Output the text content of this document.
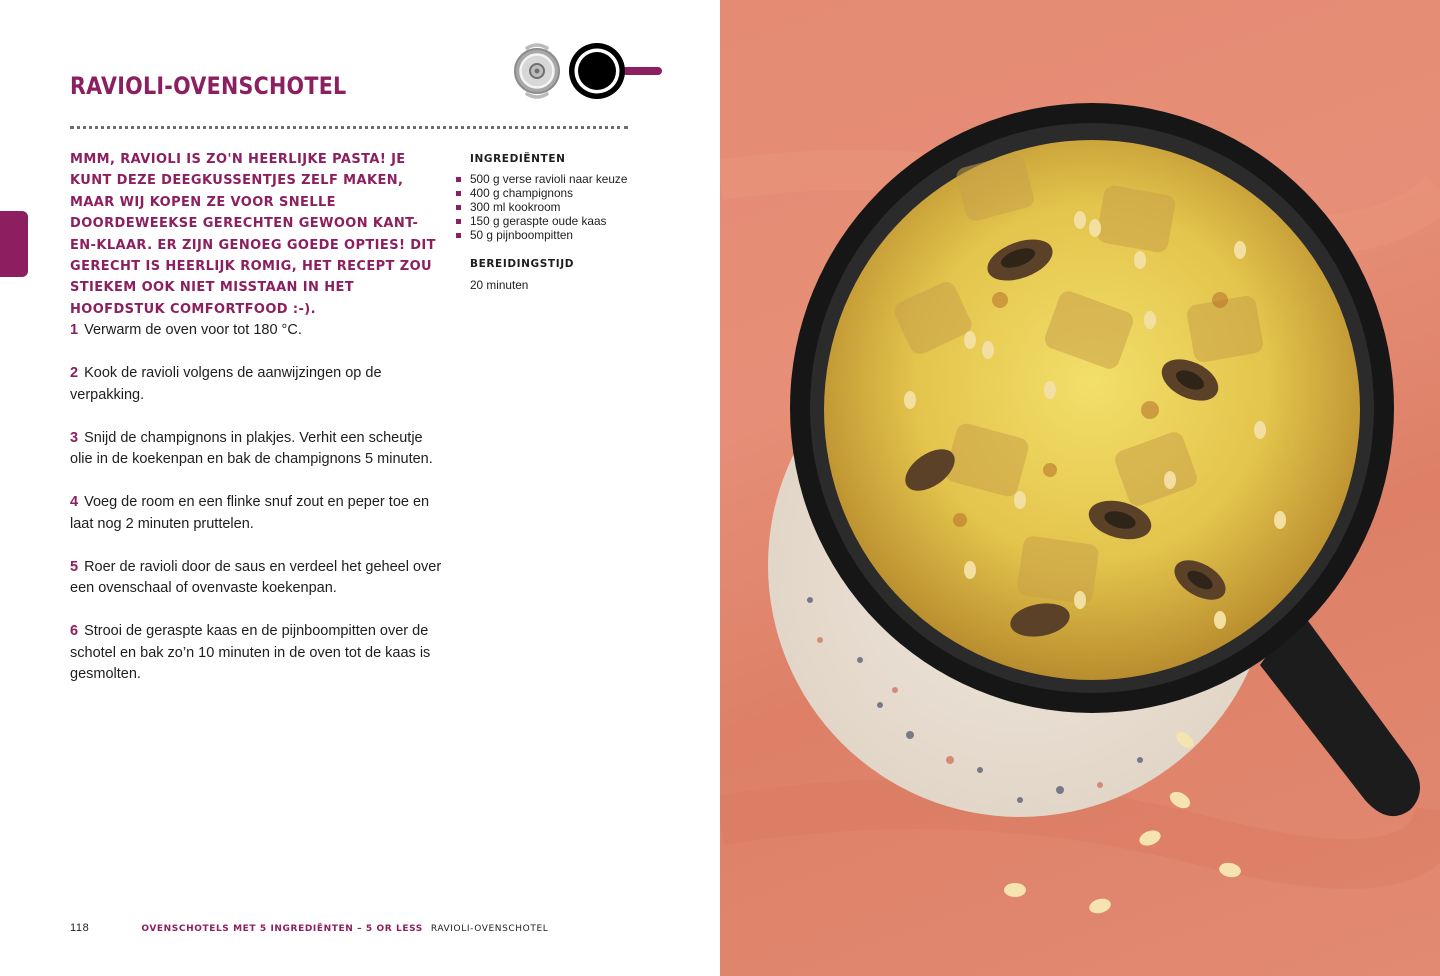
RAVIOLI-OVENSCHOTEL

MMM, RAVIOLI IS ZO'N HEERLIJKE PASTA! JE KUNT DEZE DEEGKUSSENTJES ZELF MAKEN, MAAR WIJ KOPEN ZE VOOR SNELLE DOORDEWEEKSE GERECHTEN GEWOON KANT-EN-KLAAR. ER ZIJN GENOEG GOEDE OPTIES! DIT GERECHT IS HEERLIJK ROMIG, HET RECEPT ZOU STIEKEM OOK NIET MISSTAAN IN HET HOOFDSTUK COMFORTFOOD :-).

1 Verwarm de oven voor tot 180 °C.
2 Kook de ravioli volgens de aanwijzingen op de verpakking.
3 Snijd de champignons in plakjes. Verhit een scheutje olie in de koekenpan en bak de champignons 5 minuten.
4 Voeg de room en een flinke snuf zout en peper toe en laat nog 2 minuten pruttelen.
5 Roer de ravioli door de saus en verdeel het geheel over een ovenschaal of ovenvaste koekenpan.
6 Strooi de geraspte kaas en de pijnboompitten over de schotel en bak zo’n 10 minuten in de oven tot de kaas is gesmolten.
INGREDIËNTEN
500 g verse ravioli naar keuze
400 g champignons
300 ml kookroom
150 g geraspte oude kaas
50 g pijnboompitten
BEREIDINGSTIJD

20 minuten

118	OVENSCHOTELS MET 5 INGREDIËNTEN – 5 OR LESS RAVIOLI-OVENSCHOTEL
